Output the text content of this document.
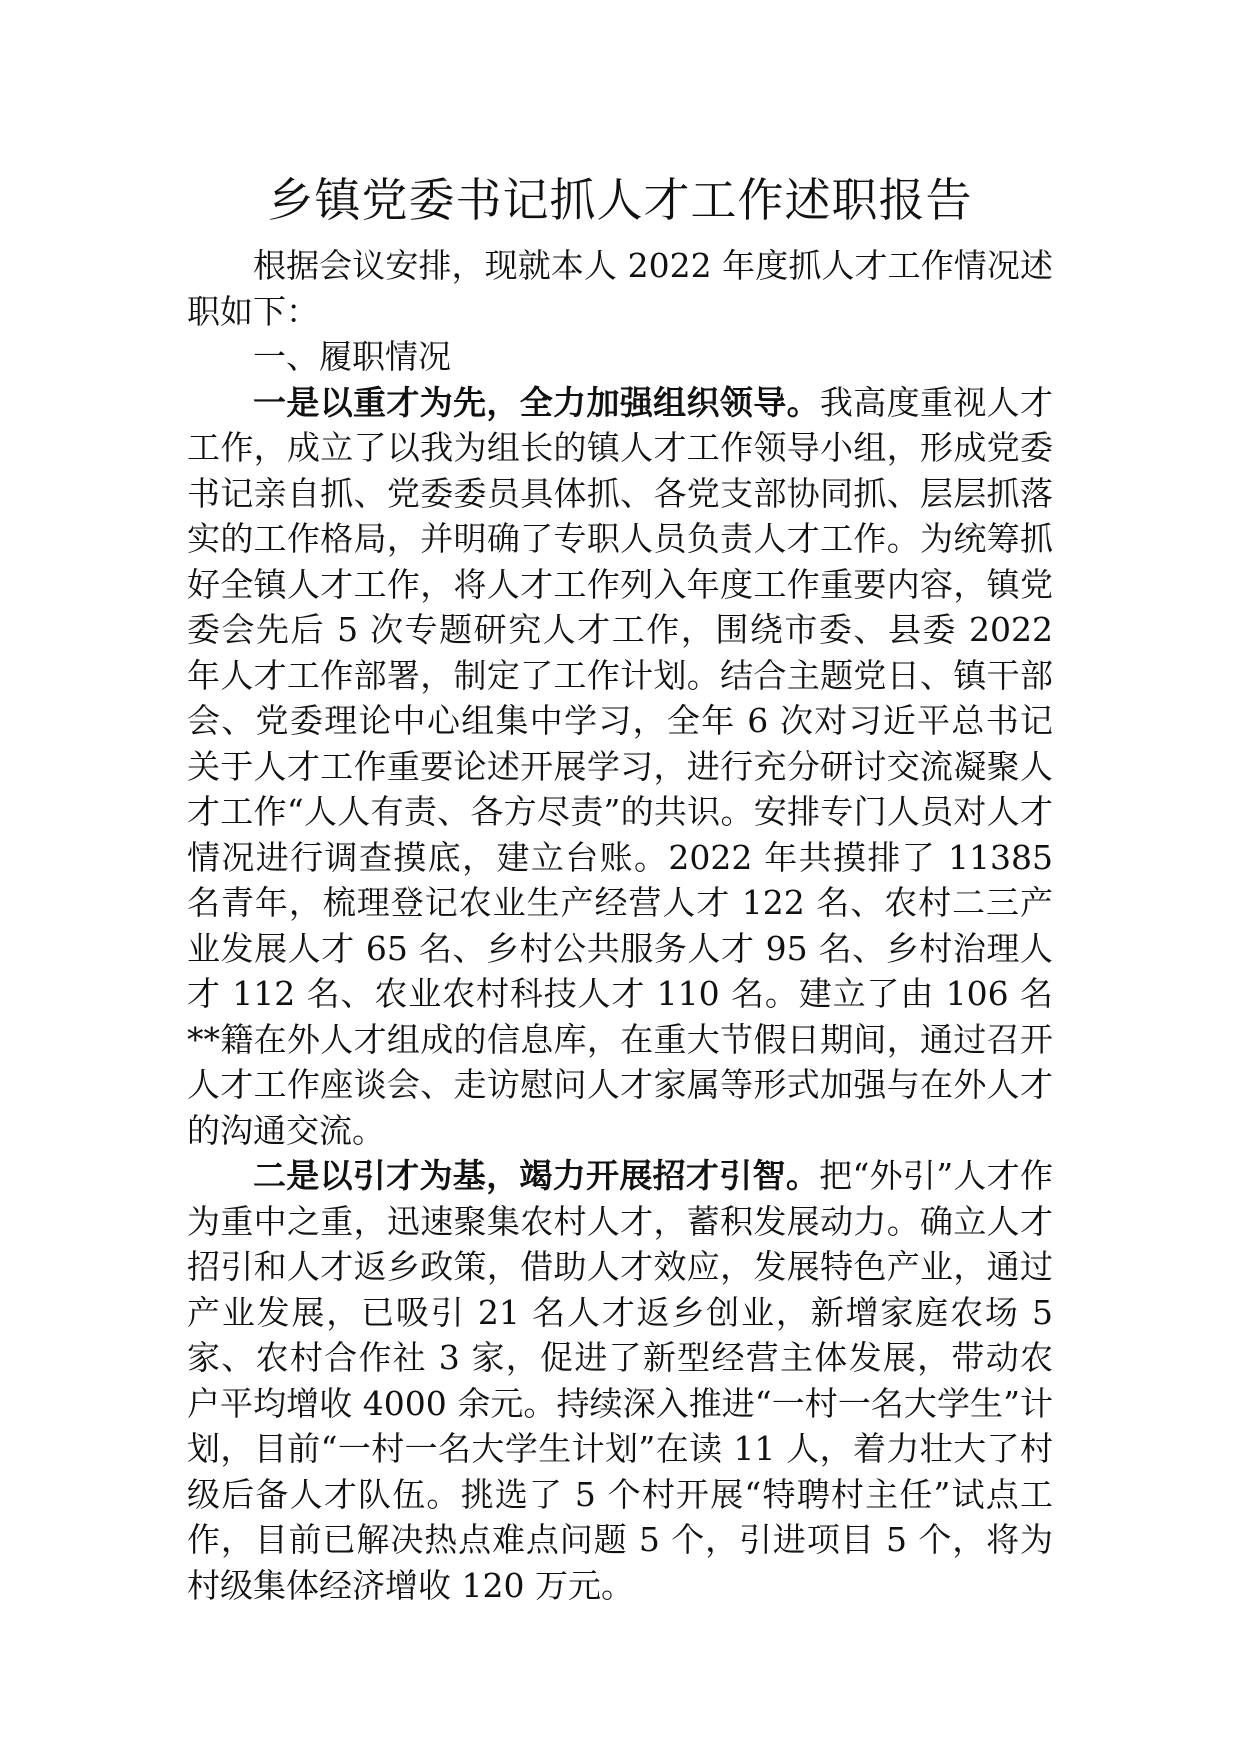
乡镇党委书记抓人才工作述职报告

根据会议安排，现就本人 2022 年度抓人才工作情况述职如下：

一、履职情况

一是以重才为先，全力加强组织领导。我高度重视人才工作，成立了以我为组长的镇人才工作领导小组，形成党委书记亲自抓、党委委员具体抓、各党支部协同抓、层层抓落实的工作格局，并明确了专职人员负责人才工作。为统筹抓好全镇人才工作，将人才工作列入年度工作重要内容，镇党委会先后 5 次专题研究人才工作，围绕市委、县委 2022 年人才工作部署，制定了工作计划。结合主题党日、镇干部会、党委理论中心组集中学习，全年 6 次对习近平总书记关于人才工作重要论述开展学习，进行充分研讨交流凝聚人才工作“人人有责、各方尽责”的共识。安排专门人员对人才情况进行调查摸底，建立台账。2022 年共摸排了 11385 名青年，梳理登记农业生产经营人才 122 名、农村二三产业发展人才 65 名、乡村公共服务人才 95 名、乡村治理人才 112 名、农业农村科技人才 110 名。建立了由 106 名**籍在外人才组成的信息库，在重大节假日期间，通过召开人才工作座谈会、走访慰问人才家属等形式加强与在外人才的沟通交流。

二是以引才为基，竭力开展招才引智。把“外引”人才作为重中之重，迅速聚集农村人才，蓄积发展动力。确立人才招引和人才返乡政策，借助人才效应，发展特色产业，通过产业发展，已吸引 21 名人才返乡创业，新增家庭农场 5 家、农村合作社 3 家，促进了新型经营主体发展，带动农户平均增收 4000 余元。持续深入推进“一村一名大学生”计划，目前“一村一名大学生计划”在读 11 人，着力壮大了村级后备人才队伍。挑选了 5 个村开展“特聘村主任”试点工作，目前已解决热点难点问题 5 个，引进项目 5 个，将为村级集体经济增收 120 万元。
